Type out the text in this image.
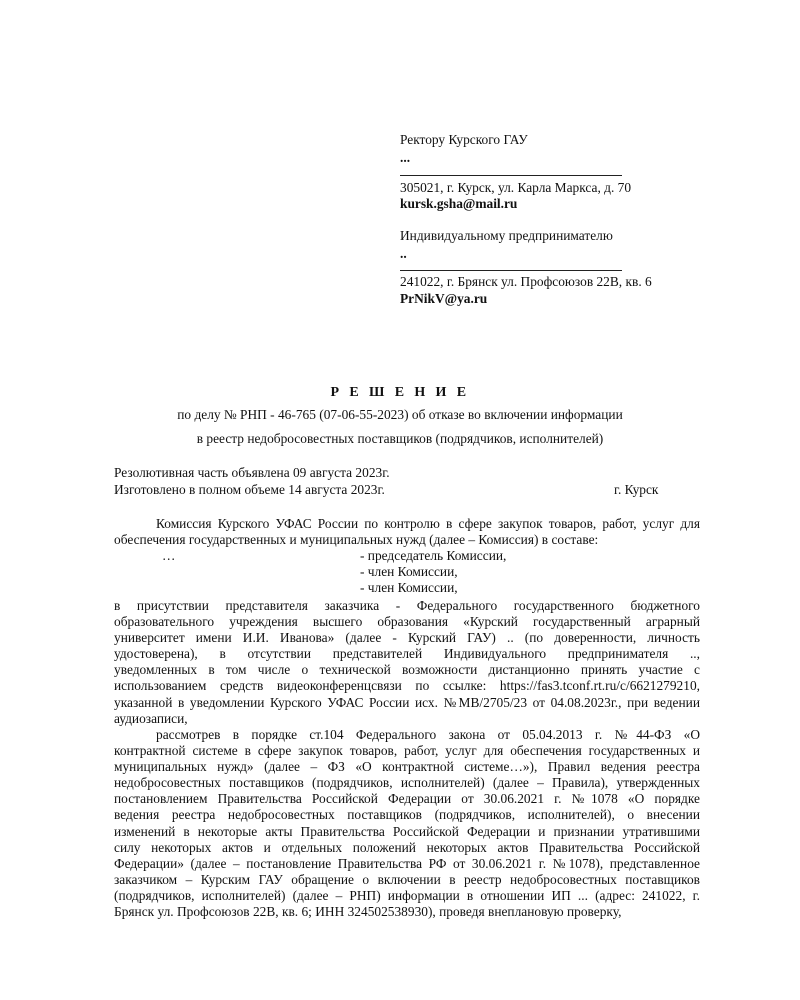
Ректору Курского ГАУ
...
305021, г. Курск, ул. Карла Маркса, д. 70
kursk.gsha@mail.ru
Индивидуальному предпринимателю
..
241022, г. Брянск ул. Профсоюзов 22В, кв. 6
PrNikV@ya.ru
Р Е Ш Е Н И Е
по делу № РНП - 46-765 (07-06-55-2023) об отказе во включении информации
в реестр недобросовестных поставщиков (подрядчиков, исполнителей)
Резолютивная часть объявлена 09 августа 2023г.
Изготовлено в полном объеме 14 августа 2023г.	г. Курск
Комиссия Курского УФАС России по контролю в сфере закупок товаров, работ, услуг для
обеспечения государственных и муниципальных нужд (далее – Комиссия) в составе:
…	- председатель Комиссии,
- член Комиссии,
- член Комиссии,
в присутствии представителя заказчика - Федерального государственного бюджетного
образовательного учреждения высшего образования «Курский государственный аграрный
университет имени И.И. Иванова» (далее - Курский ГАУ) .. (по доверенности, личность
удостоверена), в отсутствии представителей Индивидуального предпринимателя ..,
уведомленных в том числе о технической возможности дистанционно принять участие с
использованием средств видеоконференцсвязи по ссылке: https://fas3.tconf.rt.ru/c/6621279210,
указанной в уведомлении Курского УФАС России исх. №МВ/2705/23 от 04.08.2023г., при ведении
аудиозаписи,
рассмотрев в порядке ст.104 Федерального закона от 05.04.2013 г. №44-ФЗ «О
контрактной системе в сфере закупок товаров, работ, услуг для обеспечения государственных и
муниципальных нужд» (далее – ФЗ «О контрактной системе…»), Правил ведения реестра
недобросовестных поставщиков (подрядчиков, исполнителей) (далее – Правила), утвержденных
постановлением Правительства Российской Федерации от 30.06.2021 г. №1078 «О порядке
ведения реестра недобросовестных поставщиков (подрядчиков, исполнителей), о внесении
изменений в некоторые акты Правительства Российской Федерации и признании утратившими
силу некоторых актов и отдельных положений некоторых актов Правительства Российской
Федерации» (далее – постановление Правительства РФ от 30.06.2021 г. №1078), представленное
заказчиком – Курским ГАУ обращение о включении в реестр недобросовестных поставщиков
(подрядчиков, исполнителей) (далее – РНП) информации в отношении ИП ... (адрес: 241022, г.
Брянск ул. Профсоюзов 22В, кв. 6; ИНН 324502538930), проведя внеплановую проверку,
